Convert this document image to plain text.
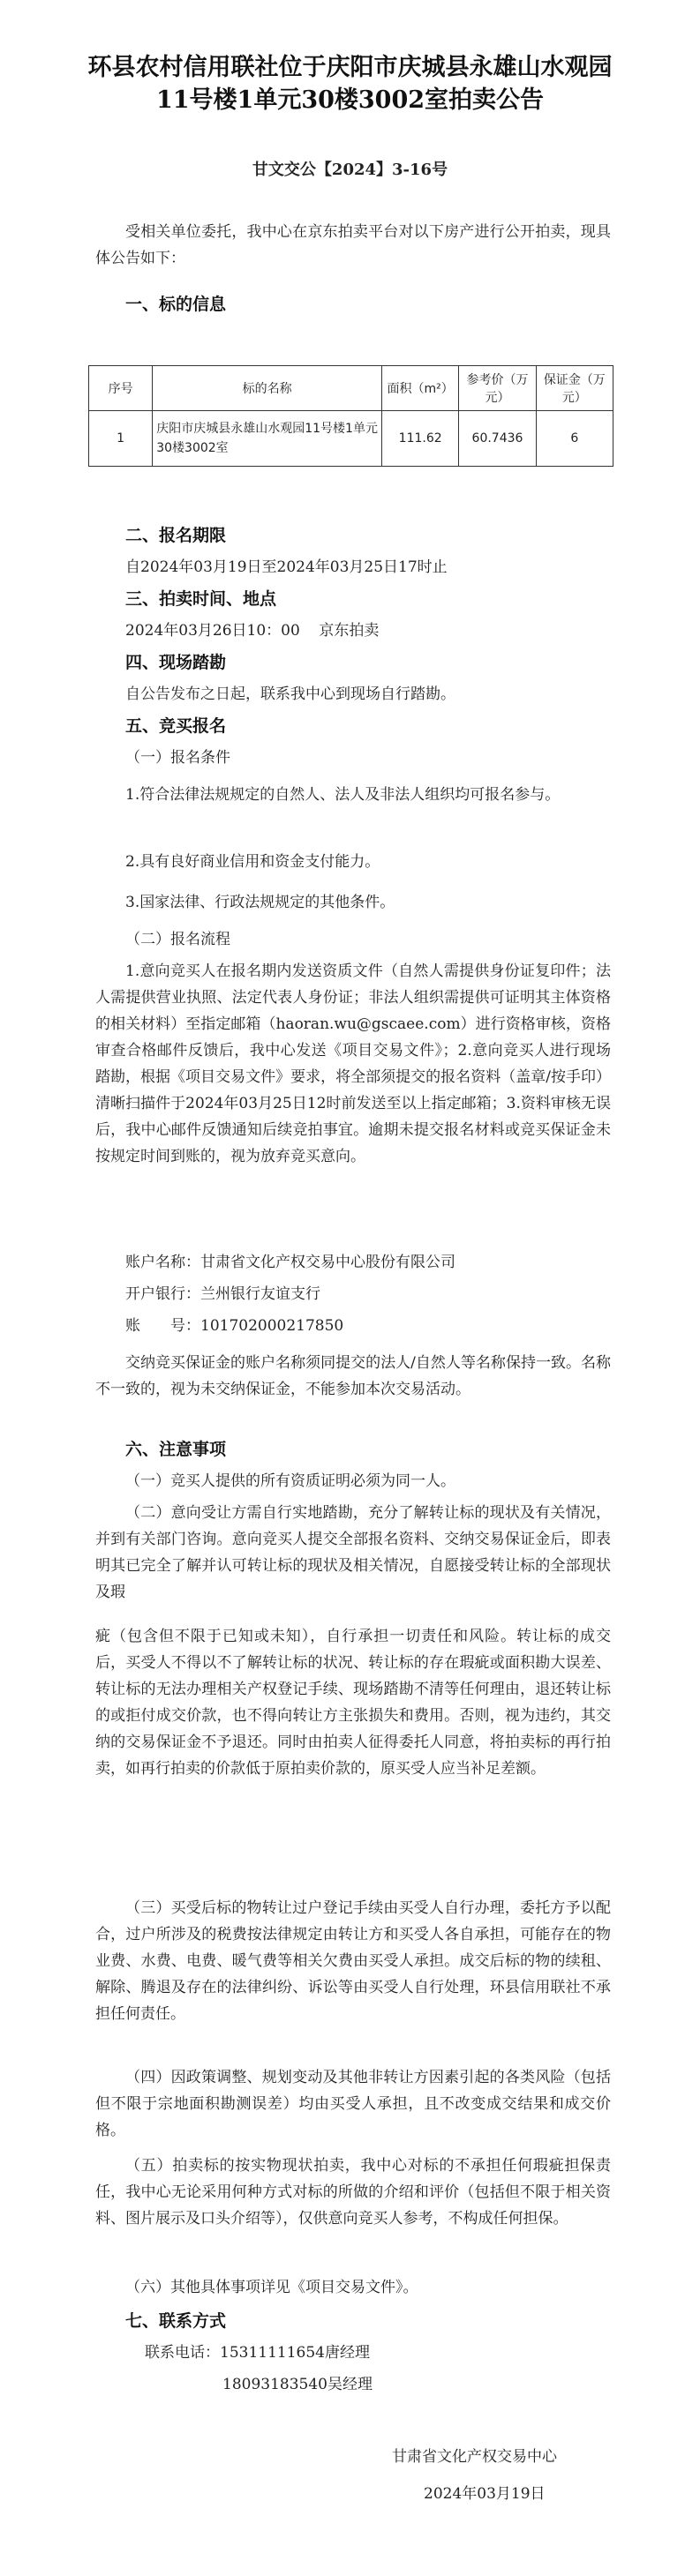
环县农村信用联社位于庆阳市庆城县永雄山水观园11号楼1单元30楼3002室拍卖公告
甘文交公【2024】3-16号

受相关单位委托，我中心在京东拍卖平台对以下房产进行公开拍卖，现具体公告如下：

一、标的信息

序号	标的名称	面积（m²）	参考价（万元）	保证金（万元）
1	庆阳市庆城县永雄山水观园11号楼1单元30楼3002室	111.62	60.7436	6

二、报名期限

自2024年03月19日至2024年03月25日17时止

三、拍卖时间、地点

2024年03月26日10：00    京东拍卖

四、现场踏勘

自公告发布之日起，联系我中心到现场自行踏勘。

五、竞买报名

（一）报名条件

1.符合法律法规规定的自然人、法人及非法人组织均可报名参与。

2.具有良好商业信用和资金支付能力。

3.国家法律、行政法规规定的其他条件。

（二）报名流程

1.意向竞买人在报名期内发送资质文件（自然人需提供身份证复印件；法人需提供营业执照、法定代表人身份证；非法人组织需提供可证明其主体资格的相关材料）至指定邮箱（haoran.wu@gscaee.com）进行资格审核，资格审查合格邮件反馈后，我中心发送《项目交易文件》；2.意向竞买人进行现场踏勘，根据《项目交易文件》要求，将全部须提交的报名资料（盖章/按手印）清晰扫描件于2024年03月25日12时前发送至以上指定邮箱；3.资料审核无误后，我中心邮件反馈通知后续竞拍事宜。逾期未提交报名材料或竞买保证金未按规定时间到账的，视为放弃竞买意向。

账户名称：甘肃省文化产权交易中心股份有限公司

开户银行：兰州银行友谊支行

账　　号：101702000217850

交纳竞买保证金的账户名称须同提交的法人/自然人等名称保持一致。名称不一致的，视为未交纳保证金，不能参加本次交易活动。

六、注意事项

（一）竞买人提供的所有资质证明必须为同一人。

（二）意向受让方需自行实地踏勘，充分了解转让标的现状及有关情况，并到有关部门咨询。意向竞买人提交全部报名资料、交纳交易保证金后，即表明其已完全了解并认可转让标的现状及相关情况，自愿接受转让标的全部现状及瑕

疵（包含但不限于已知或未知），自行承担一切责任和风险。转让标的成交后，买受人不得以不了解转让标的状况、转让标的存在瑕疵或面积勘大误差、转让标的无法办理相关产权登记手续、现场踏勘不清等任何理由，退还转让标的或拒付成交价款，也不得向转让方主张损失和费用。否则，视为违约，其交纳的交易保证金不予退还。同时由拍卖人征得委托人同意，将拍卖标的再行拍卖，如再行拍卖的价款低于原拍卖价款的，原买受人应当补足差额。

（三）买受后标的物转让过户登记手续由买受人自行办理，委托方予以配合，过户所涉及的税费按法律规定由转让方和买受人各自承担，可能存在的物业费、水费、电费、暖气费等相关欠费由买受人承担。成交后标的物的续租、解除、腾退及存在的法律纠纷、诉讼等由买受人自行处理，环县信用联社不承担任何责任。

（四）因政策调整、规划变动及其他非转让方因素引起的各类风险（包括但不限于宗地面积勘测误差）均由买受人承担，且不改变成交结果和成交价格。

（五）拍卖标的按实物现状拍卖，我中心对标的不承担任何瑕疵担保责任，我中心无论采用何种方式对标的所做的介绍和评价（包括但不限于相关资料、图片展示及口头介绍等），仅供意向竞买人参考，不构成任何担保。

（六）其他具体事项详见《项目交易文件》。

七、联系方式

联系电话：15311111654唐经理

18093183540吴经理

甘肃省文化产权交易中心
2024年03月19日
